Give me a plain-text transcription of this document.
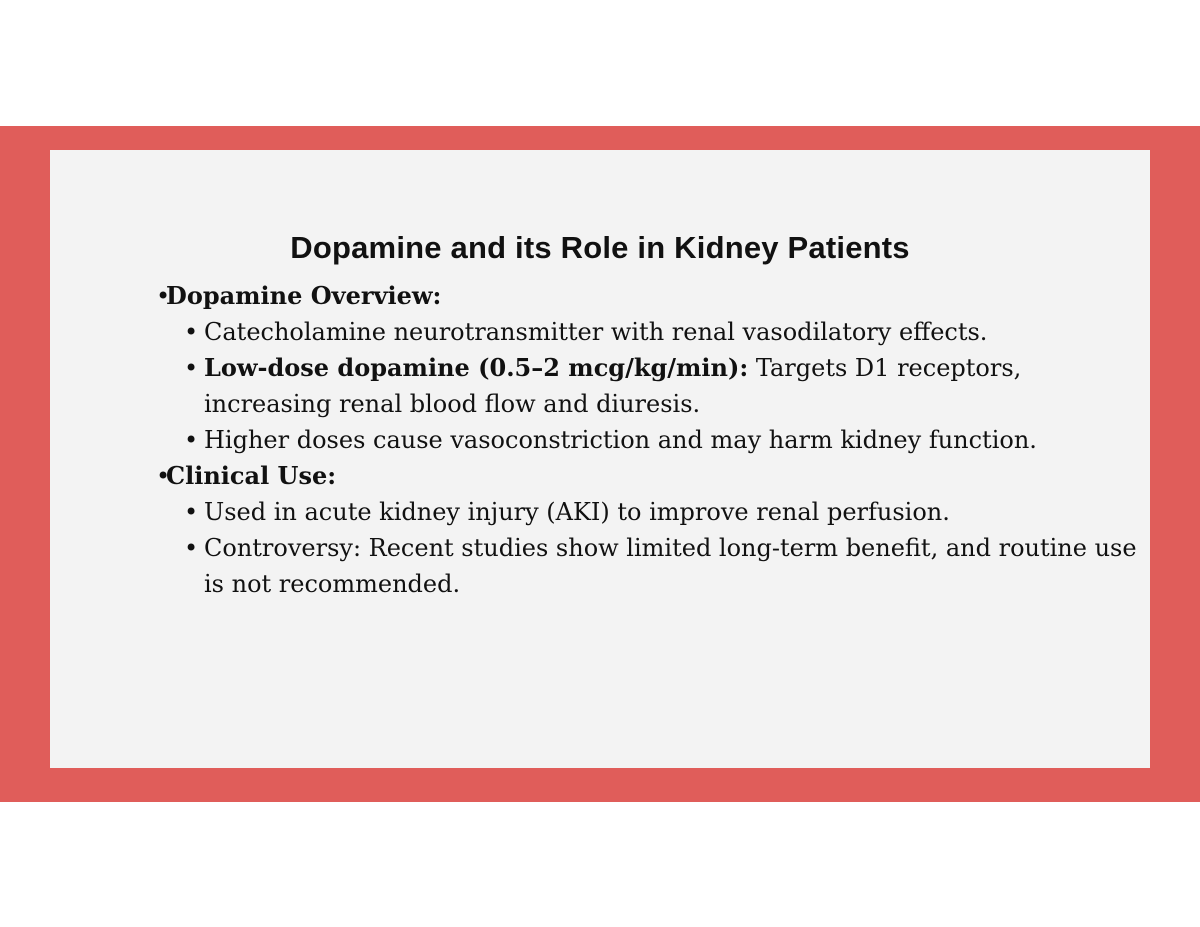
Dopamine and its Role in Kidney Patients
•
Dopamine Overview:
• Catecholamine neurotransmitter with renal vasodilatory effects.
• Low-dose dopamine (0.5–2 mcg/kg/min): Targets D1 receptors, increasing renal blood flow and diuresis.
• Higher doses cause vasoconstriction and may harm kidney function.
•
Clinical Use:
• Used in acute kidney injury (AKI) to improve renal perfusion.
• Controversy: Recent studies show limited long-term benefit, and routine use is not recommended.
